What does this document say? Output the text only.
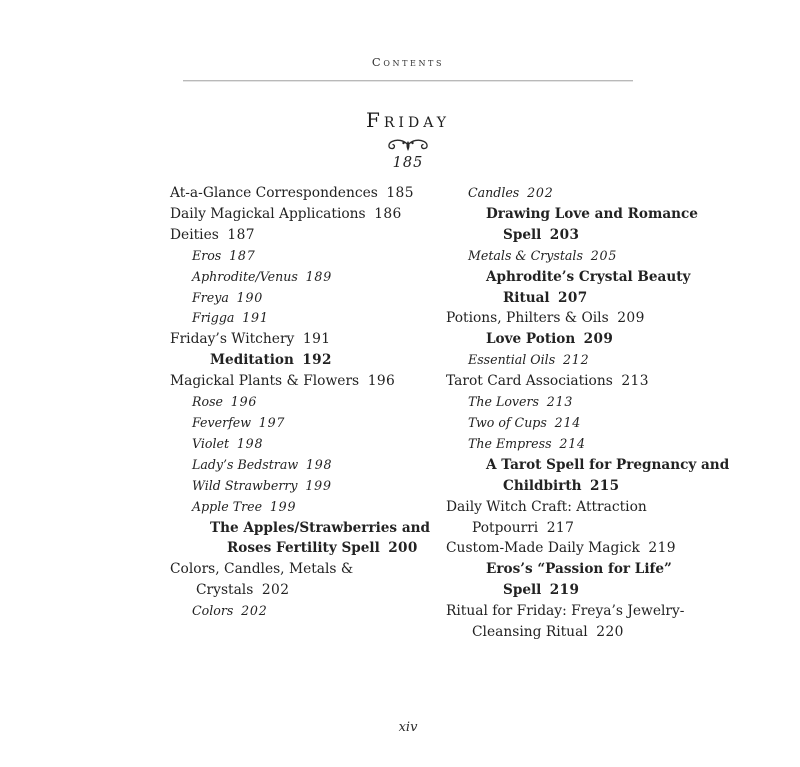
Contents
Friday
185
At-a-Glance Correspondences 185
Daily Magickal Applications 186
Deities 187
Eros 187
Aphrodite/Venus 189
Freya 190
Frigga 191
Friday’s Witchery 191
Meditation 192
Magickal Plants & Flowers 196
Rose 196
Feverfew 197
Violet 198
Lady’s Bedstraw 198
Wild Strawberry 199
Apple Tree 199
The Apples/Strawberries and
Roses Fertility Spell 200
Colors, Candles, Metals &
Crystals 202
Colors 202
Candles 202
Drawing Love and Romance
Spell 203
Metals & Crystals 205
Aphrodite’s Crystal Beauty
Ritual 207
Potions, Philters & Oils 209
Love Potion 209
Essential Oils 212
Tarot Card Associations 213
The Lovers 213
Two of Cups 214
The Empress 214
A Tarot Spell for Pregnancy and
Childbirth 215
Daily Witch Craft: Attraction
Potpourri 217
Custom-Made Daily Magick 219
Eros’s “Passion for Life”
Spell 219
Ritual for Friday: Freya’s Jewelry-
Cleansing Ritual 220
xiv
